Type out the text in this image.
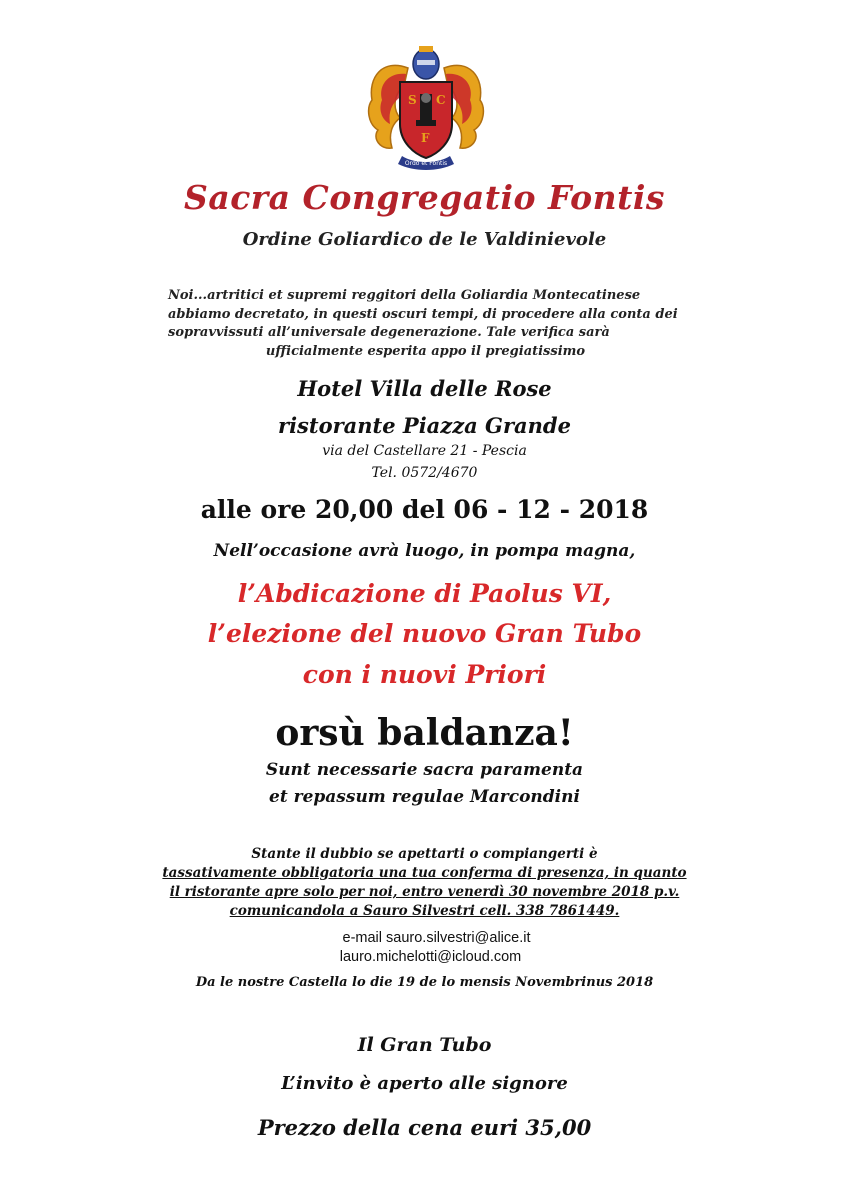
S C
F
Ordo et Fontis
Sacra Congregatio Fontis
Ordine Goliardico de le Valdinievole
Noi...artritici et supremi reggitori della Goliardia Montecatinese
abbiamo decretato, in questi oscuri tempi, di procedere alla conta dei
sopravvissuti all’universale degenerazione. Tale verifica sarà
ufficialmente esperita appo il pregiatissimo
Hotel Villa delle Rose
ristorante Piazza Grande
via del Castellare 21 - Pescia
Tel. 0572/4670
alle ore 20,00 del 06 - 12 - 2018
Nell’occasione avrà luogo, in pompa magna,
l’Abdicazione di Paolus VI,
l’elezione del nuovo Gran Tubo
con i nuovi Priori
orsù baldanza!
Sunt necessarie sacra paramenta
et repassum regulae Marcondini
Stante il dubbio se apettarti o compiangerti è
tassativamente obbligatoria una tua conferma di presenza, in quanto
il ristorante apre solo per noi, entro venerdì 30 novembre 2018 p.v.
comunicandola a Sauro Silvestri cell. 338 7861449.
e-mail sauro.silvestri@alice.it
lauro.michelotti@icloud.com
Da le nostre Castella lo die 19 de lo mensis Novembrinus 2018
Il Gran Tubo
L’invito è aperto alle signore
Prezzo della cena euri 35,00
